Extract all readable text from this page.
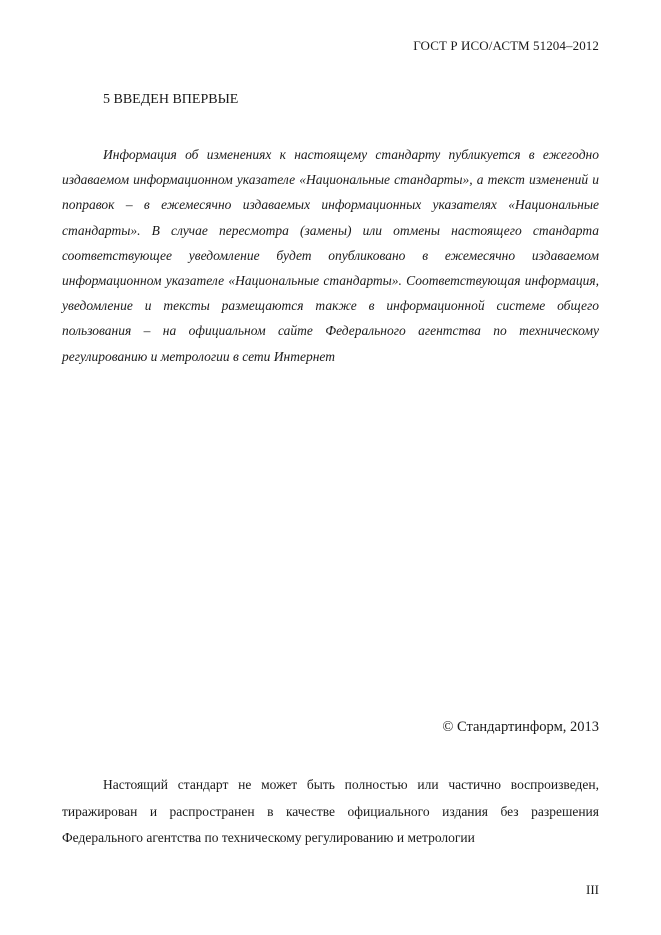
ГОСТ Р ИСО/АСТМ 51204–2012
5 ВВЕДЕН ВПЕРВЫЕ

Информация об изменениях к настоящему стандарту публикуется в ежегодно издаваемом информационном указателе «Национальные стандарты», а текст изменений и поправок – в ежемесячно издаваемых информационных указателях «Национальные стандарты». В случае пересмотра (замены) или отмены настоящего стандарта соответствующее уведомление будет опубликовано в ежемесячно издаваемом информационном указателе «Национальные стандарты». Соответствующая информация, уведомление и тексты размещаются также в информационной системе общего пользования – на официальном сайте Федерального агентства по техническому регулированию и метрологии в сети Интернет

© Стандартинформ, 2013

Настоящий стандарт не может быть полностью или частично воспроизведен, тиражирован и распространен в качестве официального издания без разрешения Федерального агентства по техническому регулированию и метрологии

III
